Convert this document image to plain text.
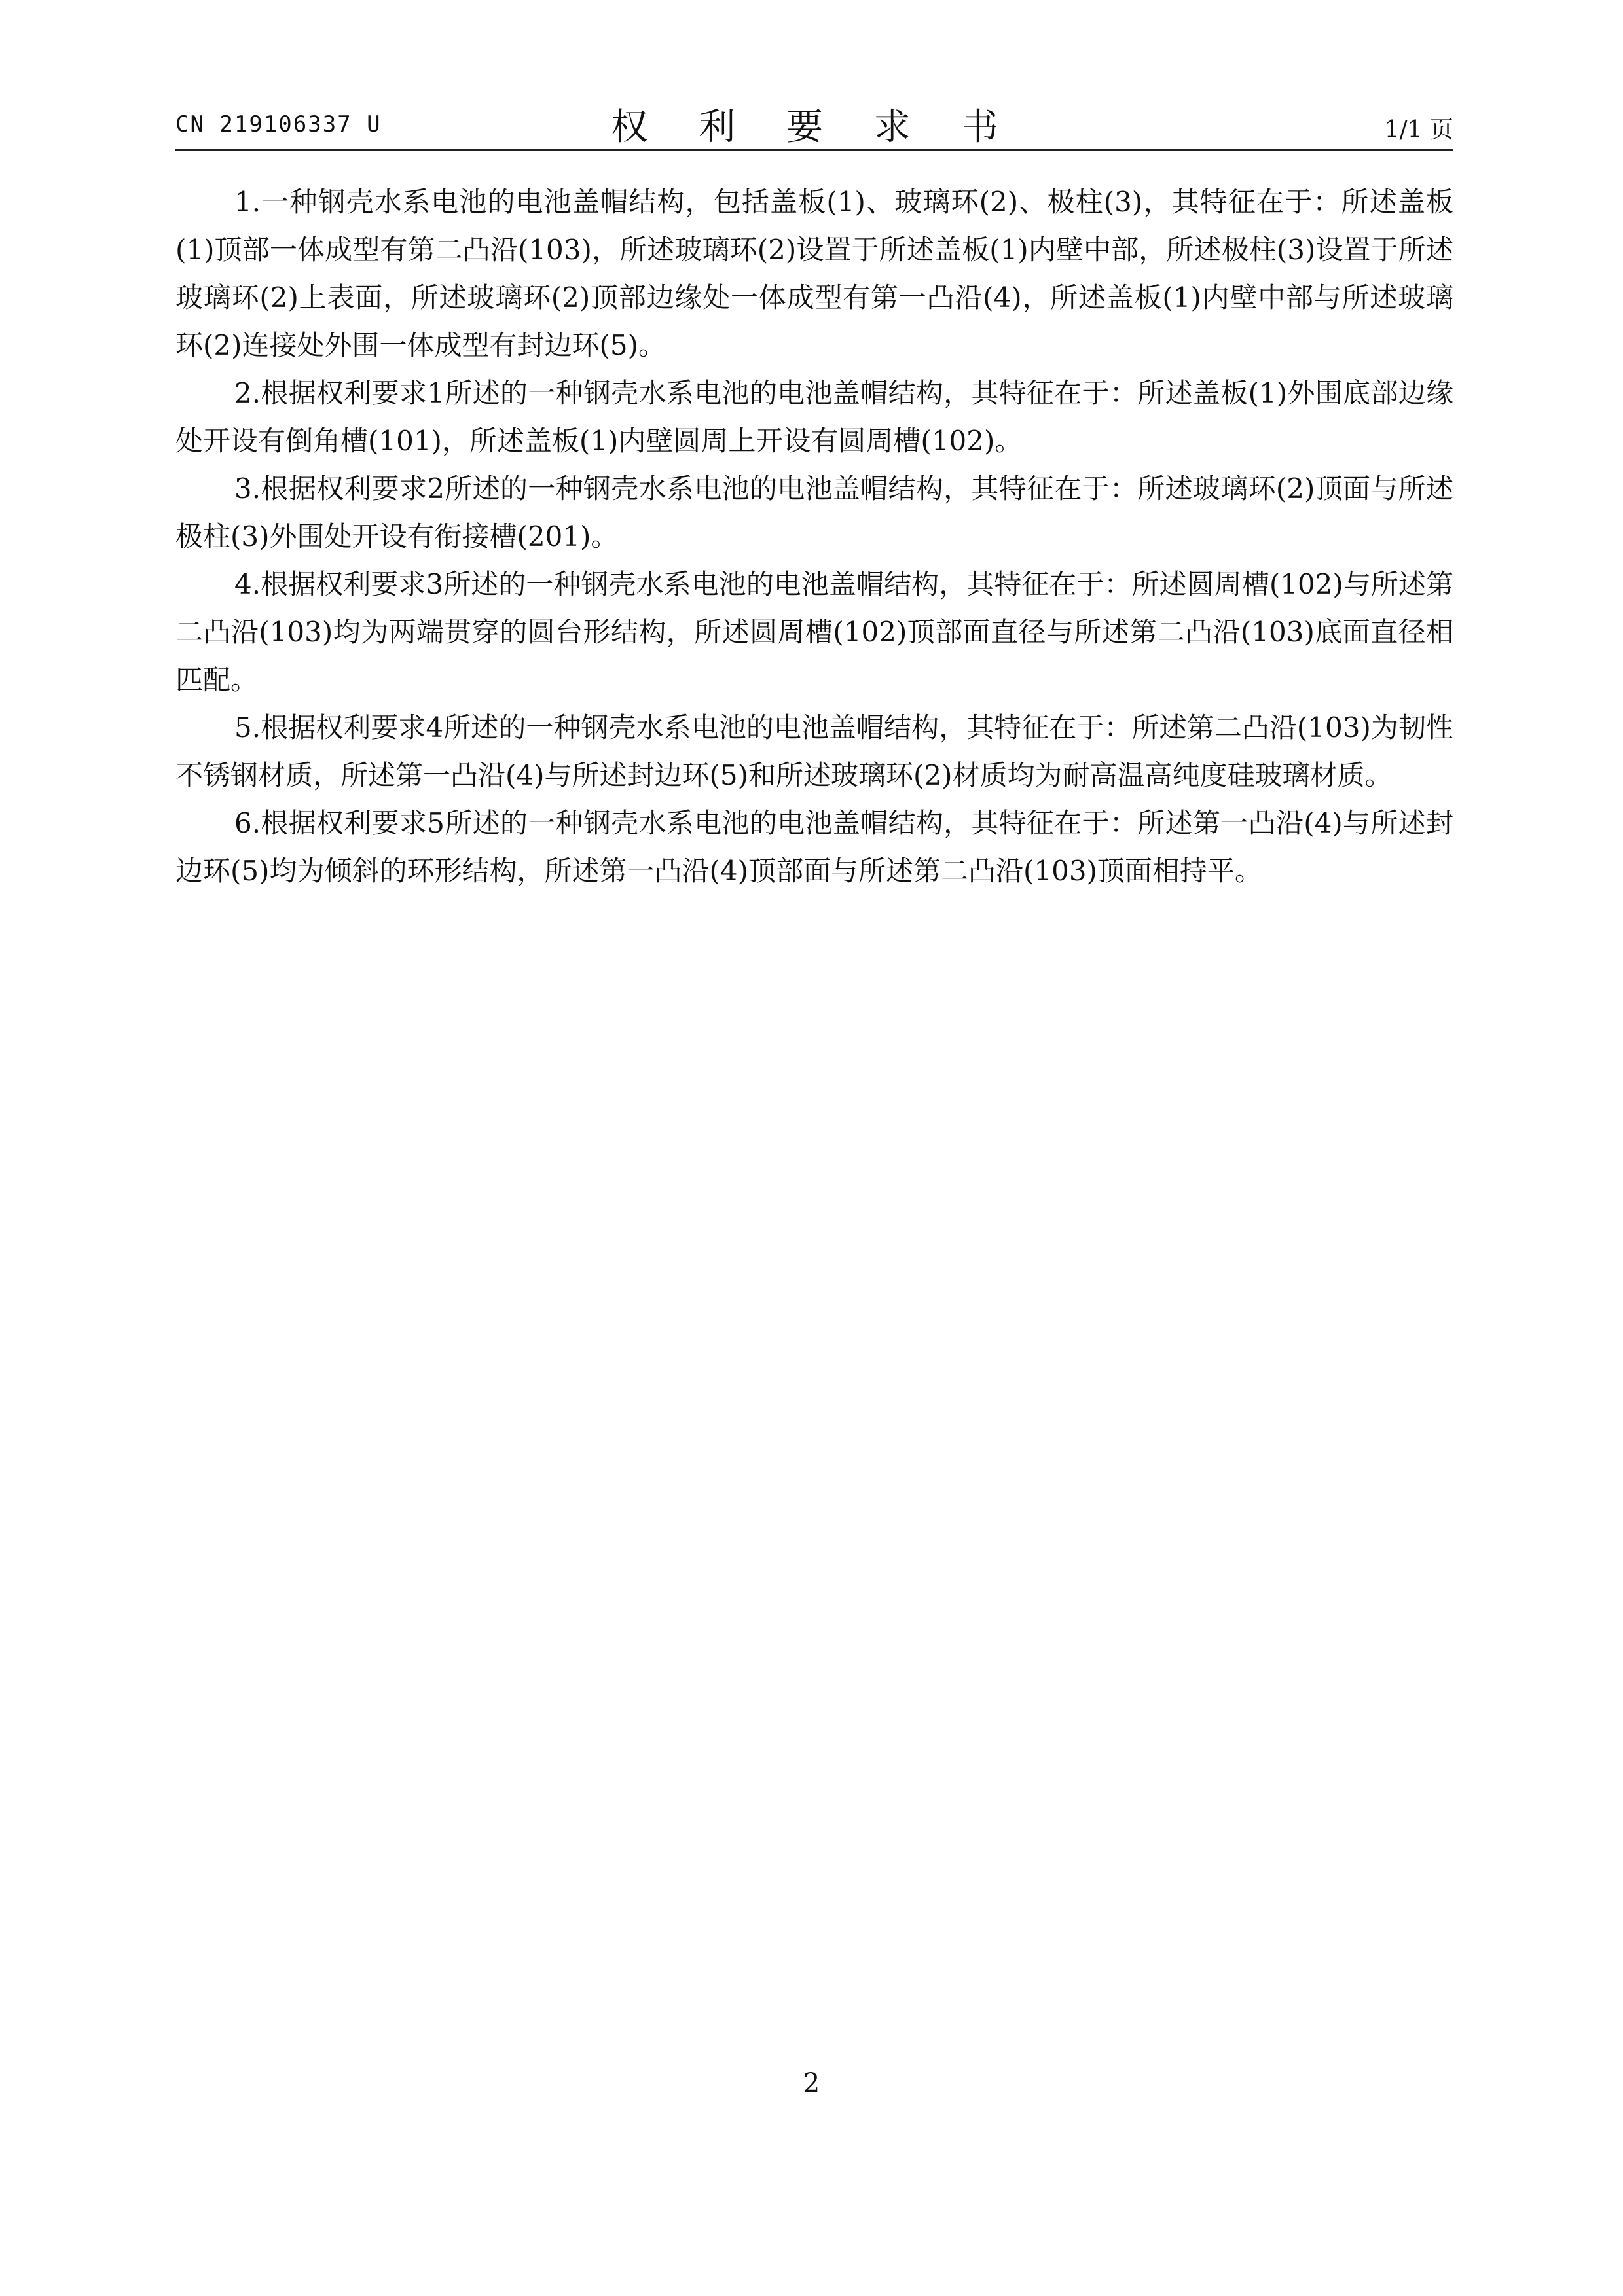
CN 219106337 U	权 利 要 求 书	1/1 页

1.一种钢壳水系电池的电池盖帽结构，包括盖板(1)、玻璃环(2)、极柱(3)，其特征在于：所述盖板(1)顶部一体成型有第二凸沿(103)，所述玻璃环(2)设置于所述盖板(1)内壁中部，所述极柱(3)设置于所述玻璃环(2)上表面，所述玻璃环(2)顶部边缘处一体成型有第一凸沿(4)，所述盖板(1)内壁中部与所述玻璃环(2)连接处外围一体成型有封边环(5)。

2.根据权利要求1所述的一种钢壳水系电池的电池盖帽结构，其特征在于：所述盖板(1)外围底部边缘处开设有倒角槽(101)，所述盖板(1)内壁圆周上开设有圆周槽(102)。

3.根据权利要求2所述的一种钢壳水系电池的电池盖帽结构，其特征在于：所述玻璃环(2)顶面与所述极柱(3)外围处开设有衔接槽(201)。

4.根据权利要求3所述的一种钢壳水系电池的电池盖帽结构，其特征在于：所述圆周槽(102)与所述第二凸沿(103)均为两端贯穿的圆台形结构，所述圆周槽(102)顶部面直径与所述第二凸沿(103)底面直径相匹配。

5.根据权利要求4所述的一种钢壳水系电池的电池盖帽结构，其特征在于：所述第二凸沿(103)为韧性不锈钢材质，所述第一凸沿(4)与所述封边环(5)和所述玻璃环(2)材质均为耐高温高纯度硅玻璃材质。

6.根据权利要求5所述的一种钢壳水系电池的电池盖帽结构，其特征在于：所述第一凸沿(4)与所述封边环(5)均为倾斜的环形结构，所述第一凸沿(4)顶部面与所述第二凸沿(103)顶面相持平。

2
